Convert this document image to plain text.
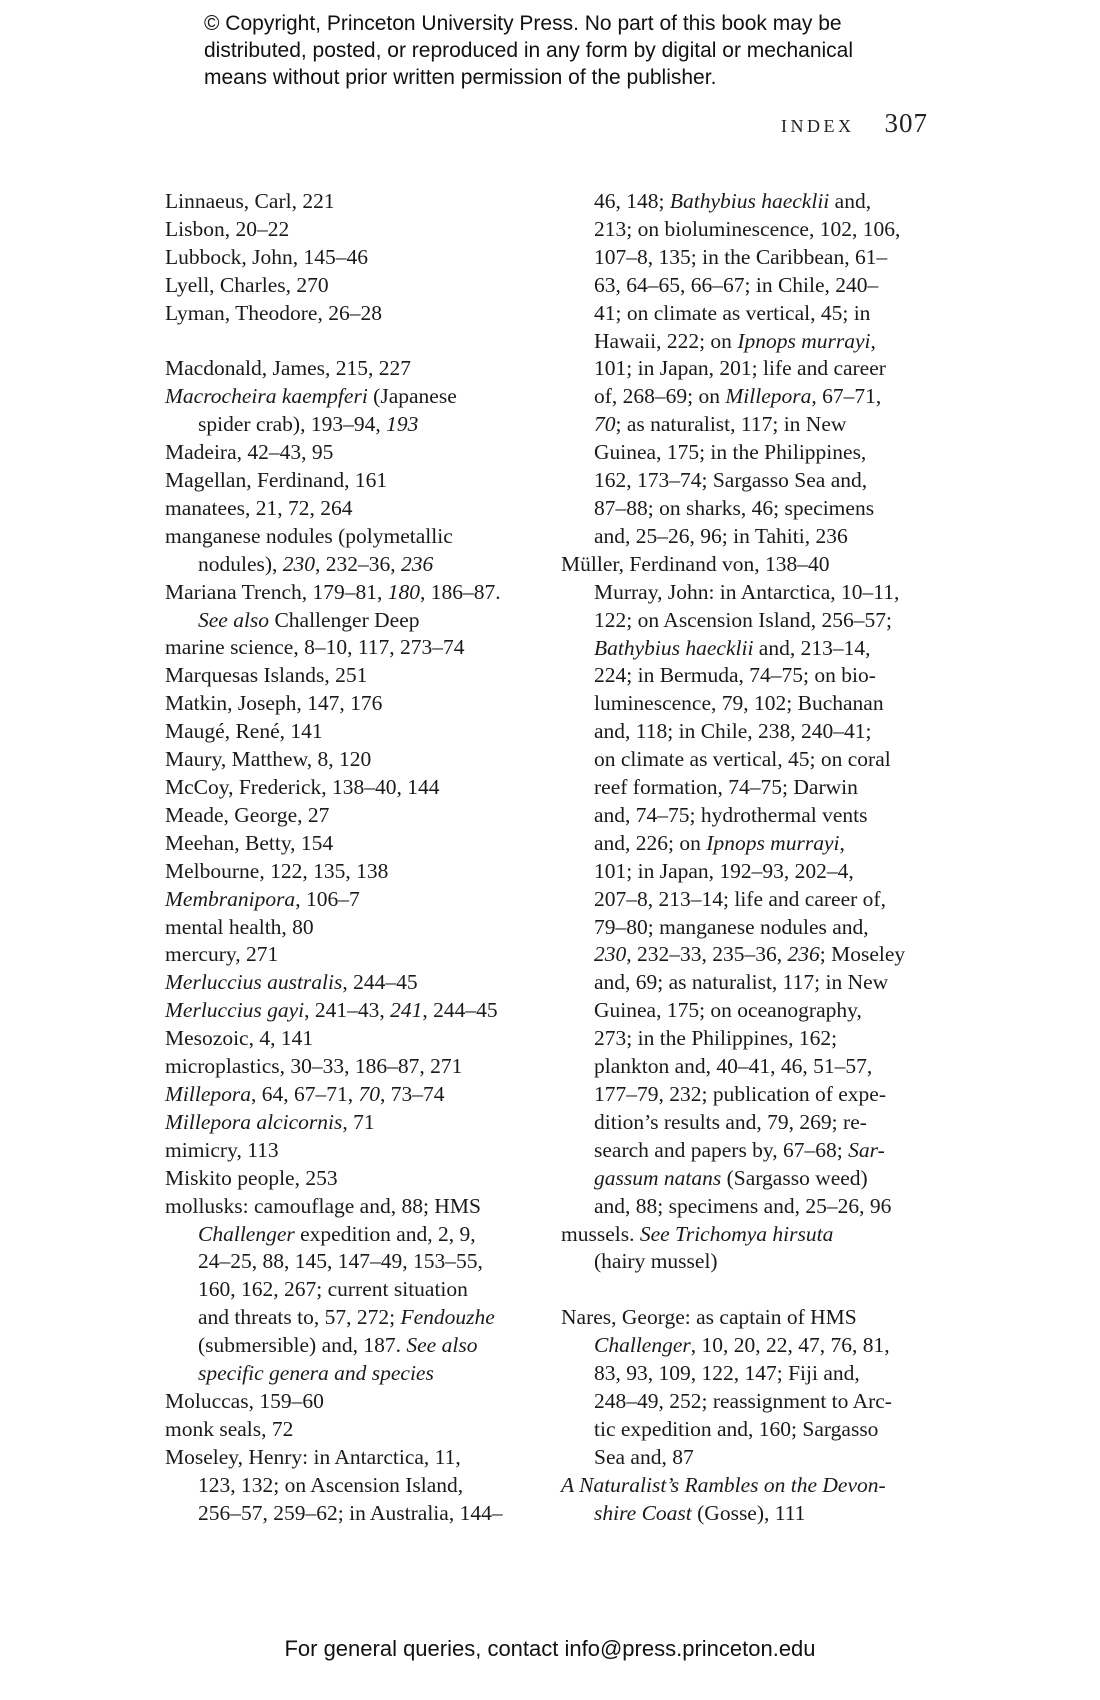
© Copyright, Princeton University Press. No part of this book may be
distributed, posted, or reproduced in any form by digital or mechanical
means without prior written permission of the publisher.
INDEX 307
Linnaeus, Carl, 221
Lisbon, 20–22
Lubbock, John, 145–46
Lyell, Charles, 270
Lyman, Theodore, 26–28
Macdonald, James, 215, 227
Macrocheira kaempferi (Japanese
spider crab), 193–94, 193
Madeira, 42–43, 95
Magellan, Ferdinand, 161
manatees, 21, 72, 264
manganese nodules (polymetallic
nodules), 230, 232–36, 236
Mariana Trench, 179–81, 180, 186–87.
See also Challenger Deep
marine science, 8–10, 117, 273–74
Marquesas Islands, 251
Matkin, Joseph, 147, 176
Maugé, René, 141
Maury, Matthew, 8, 120
McCoy, Frederick, 138–40, 144
Meade, George, 27
Meehan, Betty, 154
Melbourne, 122, 135, 138
Membranipora, 106–7
mental health, 80
mercury, 271
Merluccius australis, 244–45
Merluccius gayi, 241–43, 241, 244–45
Mesozoic, 4, 141
microplastics, 30–33, 186–87, 271
Millepora, 64, 67–71, 70, 73–74
Millepora alcicornis, 71
mimicry, 113
Miskito people, 253
mollusks: camouflage and, 88; HMS
Challenger expedition and, 2, 9,
24–25, 88, 145, 147–49, 153–55,
160, 162, 267; current situation
and threats to, 57, 272; Fendouzhe
(submersible) and, 187. See also
specific genera and species
Moluccas, 159–60
monk seals, 72
Moseley, Henry: in Antarctica, 11,
123, 132; on Ascension Island,
256–57, 259–62; in Australia, 144–
46, 148; Bathybius haecklii and,
213; on bioluminescence, 102, 106,
107–8, 135; in the Caribbean, 61–
63, 64–65, 66–67; in Chile, 240–
41; on climate as vertical, 45; in
Hawaii, 222; on Ipnops murrayi,
101; in Japan, 201; life and career
of, 268–69; on Millepora, 67–71,
70; as naturalist, 117; in New
Guinea, 175; in the Philippines,
162, 173–74; Sargasso Sea and,
87–88; on sharks, 46; specimens
and, 25–26, 96; in Tahiti, 236
Müller, Ferdinand von, 138–40
Murray, John: in Antarctica, 10–11,
122; on Ascension Island, 256–57;
Bathybius haecklii and, 213–14,
224; in Bermuda, 74–75; on bio-
luminescence, 79, 102; Buchanan
and, 118; in Chile, 238, 240–41;
on climate as vertical, 45; on coral
reef formation, 74–75; Darwin
and, 74–75; hydrothermal vents
and, 226; on Ipnops murrayi,
101; in Japan, 192–93, 202–4,
207–8, 213–14; life and career of,
79–80; manganese nodules and,
230, 232–33, 235–36, 236; Moseley
and, 69; as naturalist, 117; in New
Guinea, 175; on oceanography,
273; in the Philippines, 162;
plankton and, 40–41, 46, 51–57,
177–79, 232; publication of expe-
dition’s results and, 79, 269; re-
search and papers by, 67–68; Sar-
gassum natans (Sargasso weed)
and, 88; specimens and, 25–26, 96
mussels. See Trichomya hirsuta
(hairy mussel)
Nares, George: as captain of HMS
Challenger, 10, 20, 22, 47, 76, 81,
83, 93, 109, 122, 147; Fiji and,
248–49, 252; reassignment to Arc-
tic expedition and, 160; Sargasso
Sea and, 87
A Naturalist’s Rambles on the Devon-
shire Coast (Gosse), 111
For general queries, contact info@press.princeton.edu
